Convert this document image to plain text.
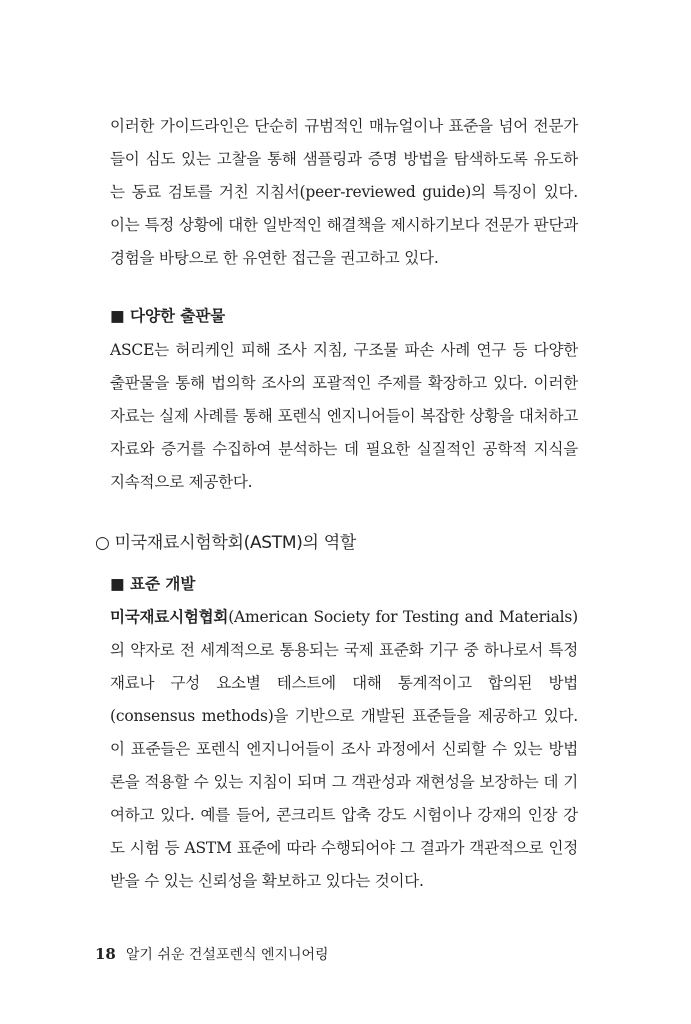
이러한 가이드라인은 단순히 규범적인 매뉴얼이나 표준을 넘어 전문가들이 심도 있는 고찰을 통해 샘플링과 증명 방법을 탐색하도록 유도하는 동료 검토를 거친 지침서(peer-reviewed guide)의 특징이 있다. 이는 특정 상황에 대한 일반적인 해결책을 제시하기보다 전문가 판단과 경험을 바탕으로 한 유연한 접근을 권고하고 있다.

■ 다양한 출판물

ASCE는 허리케인 피해 조사 지침, 구조물 파손 사례 연구 등 다양한 출판물을 통해 법의학 조사의 포괄적인 주제를 확장하고 있다. 이러한 자료는 실제 사례를 통해 포렌식 엔지니어들이 복잡한 상황을 대처하고 자료와 증거를 수집하여 분석하는 데 필요한 실질적인 공학적 지식을 지속적으로 제공한다.

○ 미국재료시험학회(ASTM)의 역할
■ 표준 개발

미국재료시험협회(American Society for Testing and Materials)의 약자로 전 세계적으로 통용되는 국제 표준화 기구 중 하나로서 특정 재료나 구성 요소별 테스트에 대해 통계적이고 합의된 방법(consensus methods)을 기반으로 개발된 표준들을 제공하고 있다. 이 표준들은 포렌식 엔지니어들이 조사 과정에서 신뢰할 수 있는 방법론을 적용할 수 있는 지침이 되며 그 객관성과 재현성을 보장하는 데 기여하고 있다. 예를 들어, 콘크리트 압축 강도 시험이나 강재의 인장 강도 시험 등 ASTM 표준에 따라 수행되어야 그 결과가 객관적으로 인정받을 수 있는 신뢰성을 확보하고 있다는 것이다.

18 알기 쉬운 건설포렌식 엔지니어링
